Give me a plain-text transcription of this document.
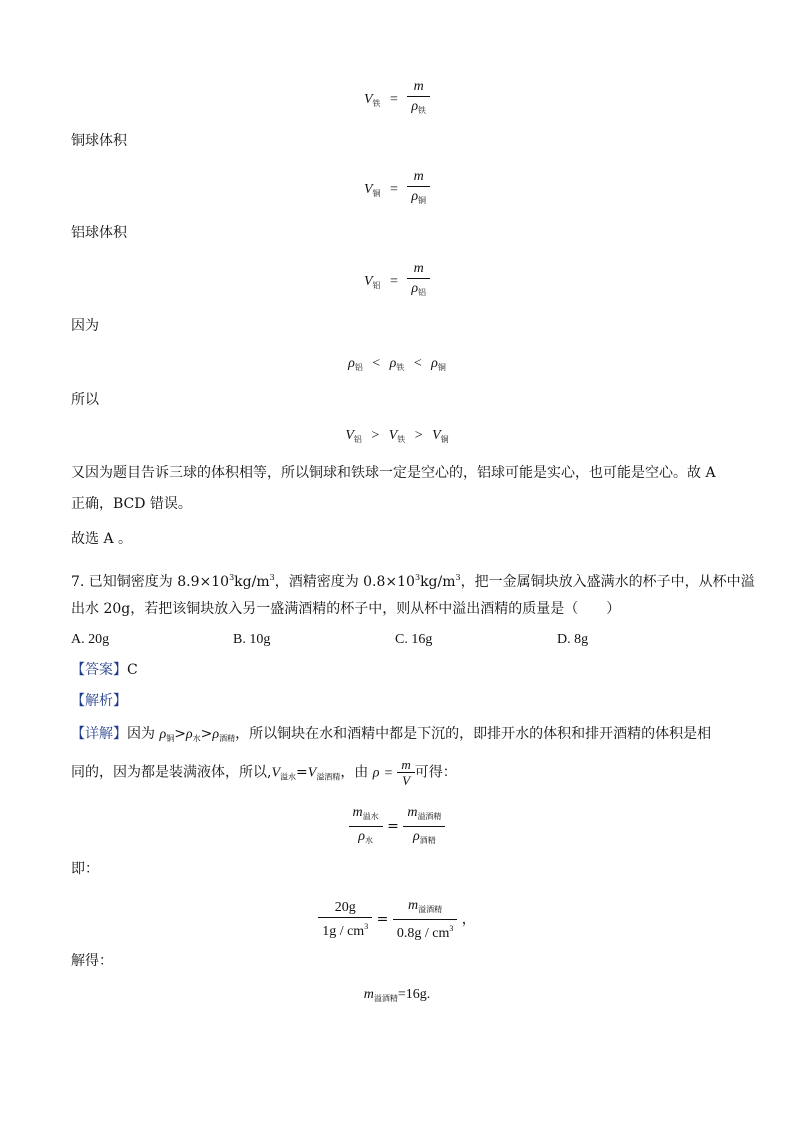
$V_铁 = \frac{m}{\rho_铁}$
铜球体积
$V_铜 = \frac{m}{\rho_铜}$
铝球体积
$V_铝 = \frac{m}{\rho_铝}$
因为
$\rho_铝 < \rho_铁 < \rho_铜$
所以
$V_铝 > V_铁 > V_铜$
又因为题目告诉三球的体积相等，所以铜球和铁球一定是空心的，铝球可能是实心，也可能是空心。故 A
正确，BCD 错误。
故选 A 。
7. 已知铜密度为 $8.9\times 10^3kg/m^3$，酒精密度为 $0.8\times 10^3kg/m^3$，把一金属铜块放入盛满水的杯子中，从杯中溢
出水 20g，若把该铜块放入另一盛满酒精的杯子中，则从杯中溢出酒精的质量是（　　）
A. 20g	B. 10g	C. 16g	D. 8g
【答案】C
【解析】
【详解】因为 $\rho_铜>\rho_水>\rho_{酒精}$，所以铜块在水和酒精中都是下沉的，即排开水的体积和排开酒精的体积是相
同的，因为都是装满液体，所以$,V_{溢水}=V_{溢酒精}$，由 $\rho = \frac{m}{V}$ 可得：
$\frac{m_{溢水}}{\rho_水} = \frac{m_{溢酒精}}{\rho_{酒精}}$
即：
$\frac{20g}{1g / cm^3} = \frac{m_{溢酒精}}{0.8g / cm^3}$ ，
解得：
$m_{溢酒精}=16g$.
